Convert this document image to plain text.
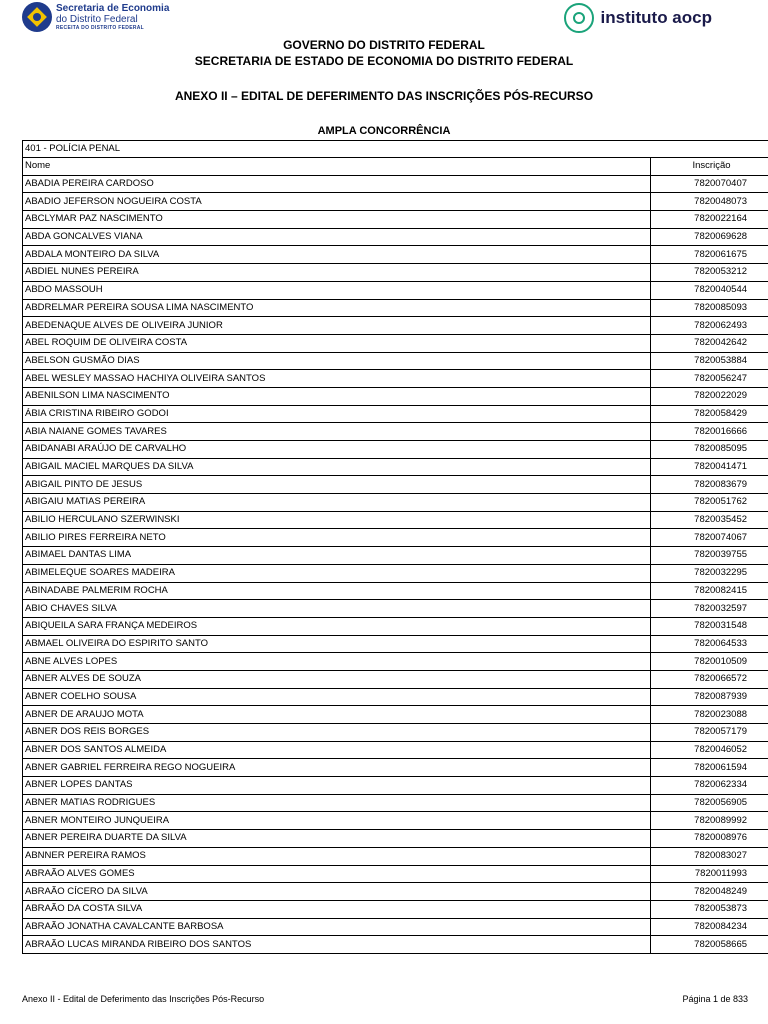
Secretaria de Economia
do Distrito Federal
RECEITA DO DISTRITO FEDERAL
instituto aocp
GOVERNO DO DISTRITO FEDERAL
SECRETARIA DE ESTADO DE ECONOMIA DO DISTRITO FEDERAL
ANEXO II – EDITAL DE DEFERIMENTO DAS INSCRIÇÕES PÓS-RECURSO
AMPLA CONCORRÊNCIA
401 - POLÍCIA PENAL	
Nome	Inscrição
ABADIA PEREIRA CARDOSO	7820070407
ABADIO JEFERSON NOGUEIRA COSTA	7820048073
ABCLYMAR PAZ NASCIMENTO	7820022164
ABDA GONCALVES VIANA	7820069628
ABDALA MONTEIRO DA SILVA	7820061675
ABDIEL NUNES PEREIRA	7820053212
ABDO MASSOUH	7820040544
ABDRELMAR PEREIRA SOUSA LIMA NASCIMENTO	7820085093
ABEDENAQUE ALVES DE OLIVEIRA JUNIOR	7820062493
ABEL ROQUIM DE OLIVEIRA COSTA	7820042642
ABELSON GUSMÃO DIAS	7820053884
ABEL WESLEY MASSAO HACHIYA OLIVEIRA SANTOS	7820056247
ABENILSON LIMA NASCIMENTO	7820022029
ÁBIA CRISTINA RIBEIRO GODOI	7820058429
ABIA NAIANE GOMES TAVARES	7820016666
ABIDANABI ARAÚJO DE CARVALHO	7820085095
ABIGAIL MACIEL MARQUES DA SILVA	7820041471
ABIGAIL PINTO DE JESUS	7820083679
ABIGAIU MATIAS PEREIRA	7820051762
ABILIO HERCULANO SZERWINSKI	7820035452
ABILIO PIRES FERREIRA NETO	7820074067
ABIMAEL DANTAS LIMA	7820039755
ABIMELEQUE SOARES MADEIRA	7820032295
ABINADABE PALMERIM ROCHA	7820082415
ABIO CHAVES SILVA	7820032597
ABIQUEILA SARA FRANÇA MEDEIROS	7820031548
ABMAEL OLIVEIRA DO ESPIRITO SANTO	7820064533
ABNE ALVES LOPES	7820010509
ABNER ALVES DE SOUZA	7820066572
ABNER COELHO SOUSA	7820087939
ABNER DE ARAUJO MOTA	7820023088
ABNER DOS REIS BORGES	7820057179
ABNER DOS SANTOS ALMEIDA	7820046052
ABNER GABRIEL FERREIRA REGO NOGUEIRA	7820061594
ABNER LOPES DANTAS	7820062334
ABNER MATIAS RODRIGUES	7820056905
ABNER MONTEIRO JUNQUEIRA	7820089992
ABNER PEREIRA DUARTE DA SILVA	7820008976
ABNNER PEREIRA RAMOS	7820083027
ABRAÃO ALVES GOMES	7820011993
ABRAÃO CÍCERO DA SILVA	7820048249
ABRAÃO DA COSTA SILVA	7820053873
ABRAÃO JONATHA CAVALCANTE BARBOSA	7820084234
ABRAÃO LUCAS MIRANDA RIBEIRO DOS SANTOS	7820058665
Anexo II - Edital de Deferimento das Inscrições Pós-Recurso	Página 1 de 833
